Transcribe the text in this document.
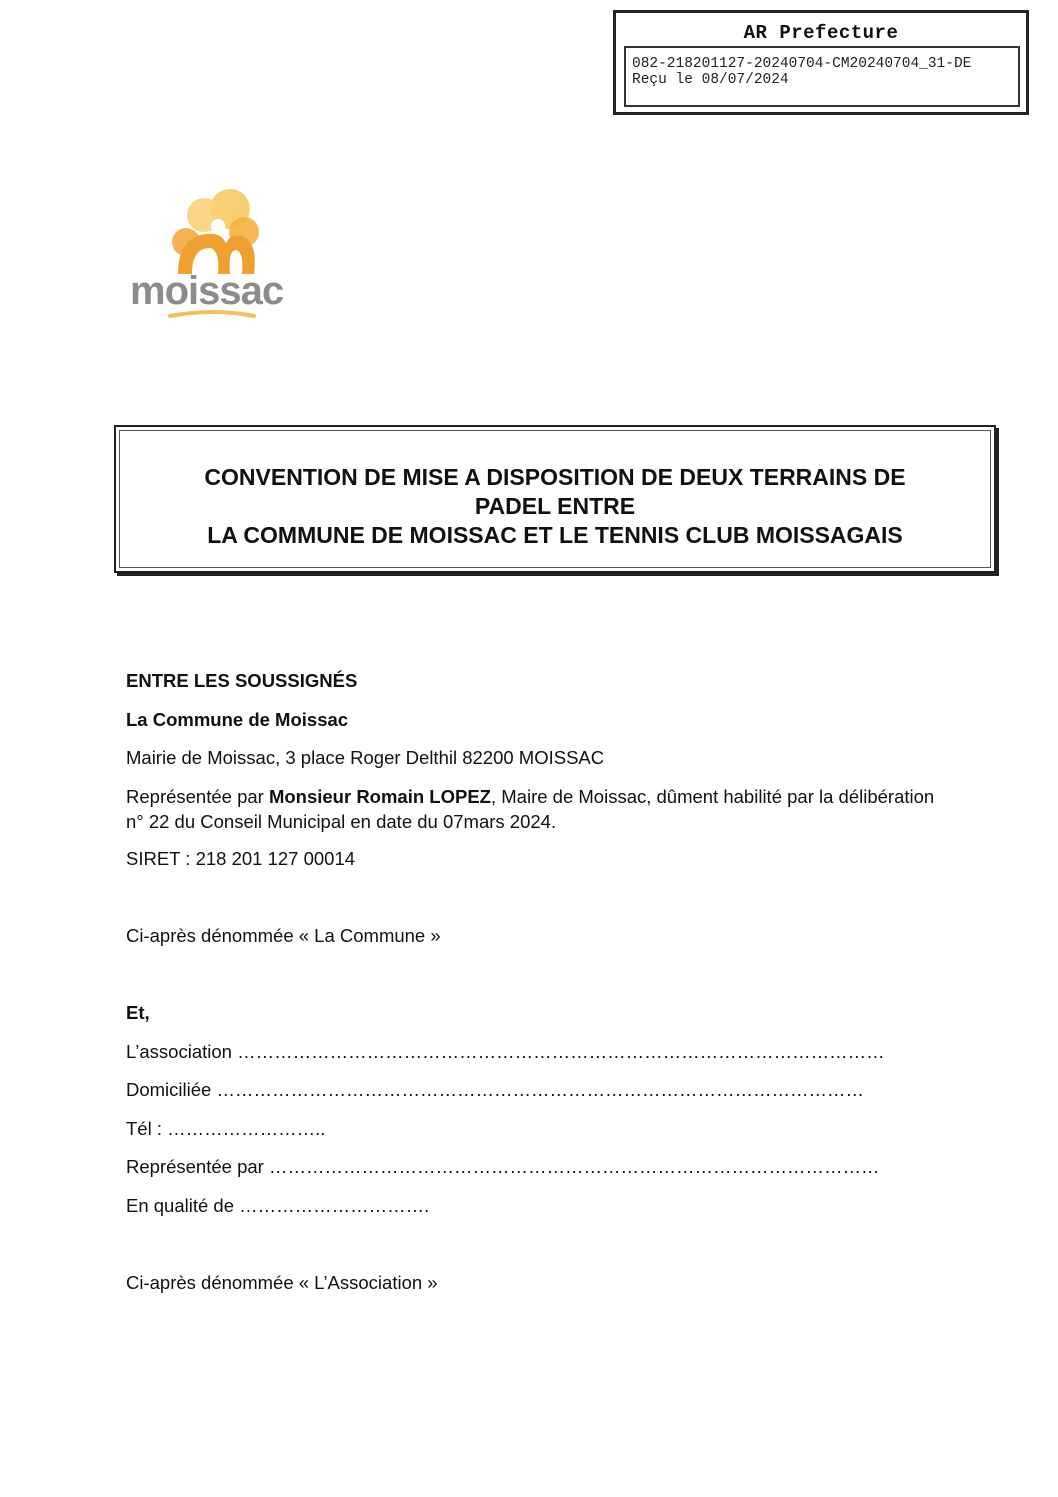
AR Prefecture
082-218201127-20240704-CM20240704_31-DE
Reçu le 08/07/2024
moissac
CONVENTION DE MISE A DISPOSITION DE DEUX TERRAINS DE
PADEL ENTRE
LA COMMUNE DE MOISSAC ET LE TENNIS CLUB MOISSAGAIS
ENTRE LES SOUSSIGNÉS
La Commune de Moissac
Mairie de Moissac, 3 place Roger Delthil 82200 MOISSAC
Représentée par Monsieur Romain LOPEZ, Maire de Moissac, dûment habilité par la délibération
n° 22 du Conseil Municipal en date du 07mars 2024.
SIRET : 218 201 127 00014
Ci-après dénommée « La Commune »
Et,
L’association ……………………………………………………………………………………………
Domiciliée ……………………………………………………………………………………………
Tél : ……………………..
Représentée par ………………………………………………………………………………………
En qualité de ………………………….
Ci-après dénommée « L’Association »
